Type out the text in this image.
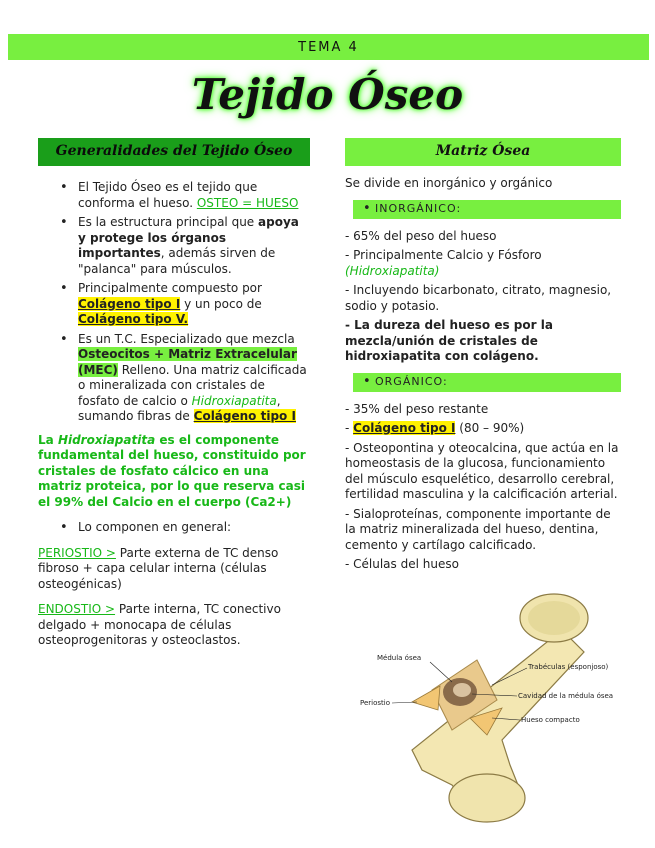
TEMA 4
Tejido Óseo
Generalidades del Tejido Óseo
• El Tejido Óseo es el tejido que conforma el hueso. OSTEO = HUESO
• Es la estructura principal que apoya y protege los órganos importantes, además sirven de "palanca" para músculos.
• Principalmente compuesto por Colágeno tipo I y un poco de Colágeno tipo V.
• Es un T.C. Especializado que mezcla Osteocitos + Matriz Extracelular (MEC) Relleno. Una matriz calcificada o mineralizada con cristales de fosfato de calcio o Hidroxiapatita, sumando fibras de Colágeno tipo I
La Hidroxiapatita es el componente fundamental del hueso, constituido por cristales de fosfato cálcico en una matriz proteica, por lo que reserva casi el 99% del Calcio en el cuerpo (Ca2+)
• Lo componen en general:
PERIOSTIO > Parte externa de TC denso fibroso + capa celular interna (células osteogénicas)
ENDOSTIO > Parte interna, TC conectivo delgado + monocapa de células osteoprogenitoras y osteoclastos.
Matriz Ósea
Se divide en inorgánico y orgánico
• INORGÁNICO:
- 65% del peso del hueso
- Principalmente Calcio y Fósforo (Hidroxiapatita)
- Incluyendo bicarbonato, citrato, magnesio, sodio y potasio.
- La dureza del hueso es por la mezcla/unión de cristales de hidroxiapatita con colágeno.
• ORGÁNICO:
- 35% del peso restante
- Colágeno tipo I (80 – 90%)
- Osteopontina y oteocalcina, que actúa en la homeostasis de la glucosa, funcionamiento del músculo esquelético, desarrollo cerebral, fertilidad masculina y la calcificación arterial.
- Sialoproteínas, componente importante de la matriz mineralizada del hueso, dentina, cemento y cartílago calcificado.
- Células del hueso
Médula ósea
Trabéculas (esponjoso)
Cavidad de la médula ósea
Periostio
Hueso compacto
